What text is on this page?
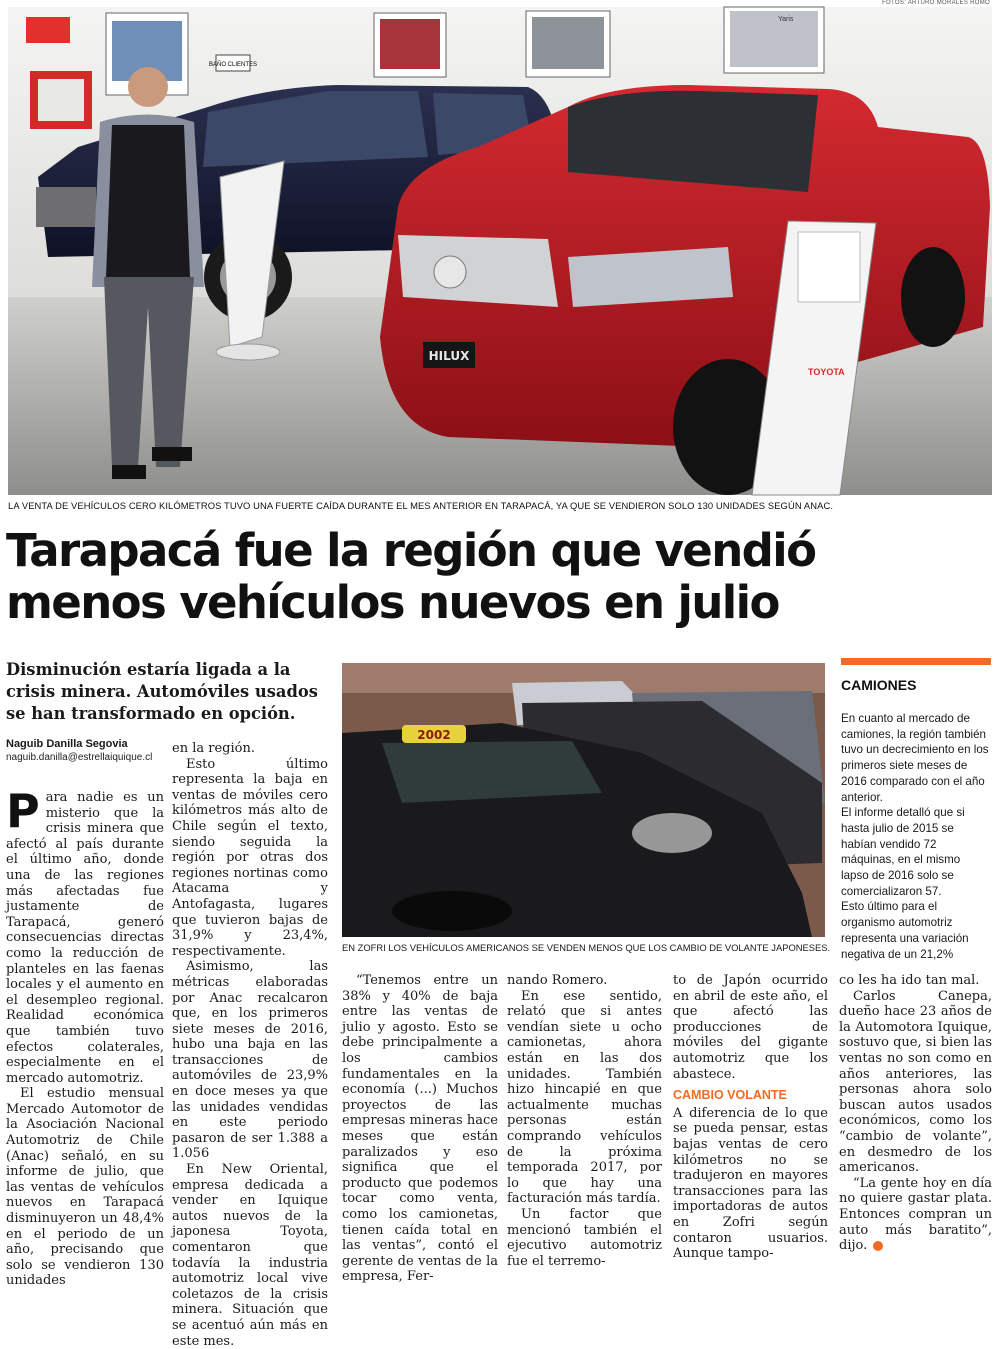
FOTOS: ARTURO MORALES ROMO
BAÑO CLIENTES
Yaris
HILUX
TOYOTA
LA VENTA DE VEHÍCULOS CERO KILÓMETROS TUVO UNA FUERTE CAÍDA DURANTE EL MES ANTERIOR EN TARAPACÁ, YA QUE SE VENDIERON SOLO 130 UNIDADES SEGÚN ANAC.
Tarapacá fue la región que vendió
menos vehículos nuevos en julio
Disminución estaría ligada a la crisis minera. Automóviles usados se han transformado en opción.
Naguib Danilla Segovia
naguib.danilla@estrellaiquique.cl

Para nadie es un misterio que la crisis minera que afectó al país durante el último año, donde una de las regiones más afectadas fue justamente de Tarapacá, generó consecuencias directas como la reducción de planteles en las faenas locales y el aumento en el desempleo regional. Realidad económica que también tuvo efectos colaterales, especialmente en el mercado automotriz.

El estudio mensual Mercado Automotor de la Asociación Nacional Automotriz de Chile (Anac) señaló, en su informe de julio, que las ventas de vehículos nuevos en Tarapacá disminuyeron un 48,4% en el periodo de un año, precisando que solo se vendieron 130 unidades

en la región.

Esto último representa la baja en ventas de móviles cero kilómetros más alto de Chile según el texto, siendo seguida la región por otras dos regiones nortinas como Atacama y Antofagasta, lugares que tuvieron bajas de 31,9% y 23,4%, respectivamente.

Asimismo, las métricas elaboradas por Anac recalcaron que, en los primeros siete meses de 2016, hubo una baja en las transacciones de automóviles de 23,9% en doce meses ya que las unidades vendidas en este periodo pasaron de ser 1.388 a 1.056

En New Oriental, empresa dedicada a vender en Iquique autos nuevos de la japonesa Toyota, comentaron que todavía la industria automotriz local vive coletazos de la crisis minera. Situación que se acentuó aún más en este mes.

2002
EN ZOFRI LOS VEHÍCULOS AMERICANOS SE VENDEN MENOS QUE LOS CAMBIO DE VOLANTE JAPONESES.

“Tenemos entre un 38% y 40% de baja entre las ventas de julio y agosto. Esto se debe principalmente a los cambios fundamentales en la economía (...) Muchos proyectos de las empresas mineras hace meses que están paralizados y eso significa que el producto que podemos tocar como venta, como los camionetas, tienen caída total en las ventas”, contó el gerente de ventas de la empresa, Fer-

nando Romero.

En ese sentido, relató que si antes vendían siete u ocho camionetas, ahora están en las dos unidades. También hizo hincapié en que actualmente muchas personas están comprando vehículos de la próxima temporada 2017, por lo que hay una facturación más tardía.

Un factor que mencionó también el ejecutivo automotriz fue el terremo-

to de Japón ocurrido en abril de este año, el que afectó las producciones de móviles del gigante automotriz que los abastece.

CAMBIO VOLANTE

A diferencia de lo que se pueda pensar, estas bajas ventas de cero kilómetros no se tradujeron en mayores transacciones para las importadoras de autos en Zofri según contaron usuarios. Aunque tampo-

co les ha ido tan mal.

Carlos Canepa, dueño hace 23 años de la Automotora Iquique, sostuvo que, si bien las ventas no son como en años anteriores, las personas ahora solo buscan autos usados económicos, como los “cambio de volante”, en desmedro de los americanos.

“La gente hoy en día no quiere gastar plata. Entonces compran un auto más baratito”, dijo.	✪

CAMIONES

En cuanto al mercado de camiones, la región también tuvo un decrecimiento en los primeros siete meses de 2016 comparado con el año anterior.

El informe detalló que si hasta julio de 2015 se habían vendido 72 máquinas, en el mismo lapso de 2016 solo se comercializaron 57.

Esto último para el organismo automotriz representa una variación negativa de un 21,2%
